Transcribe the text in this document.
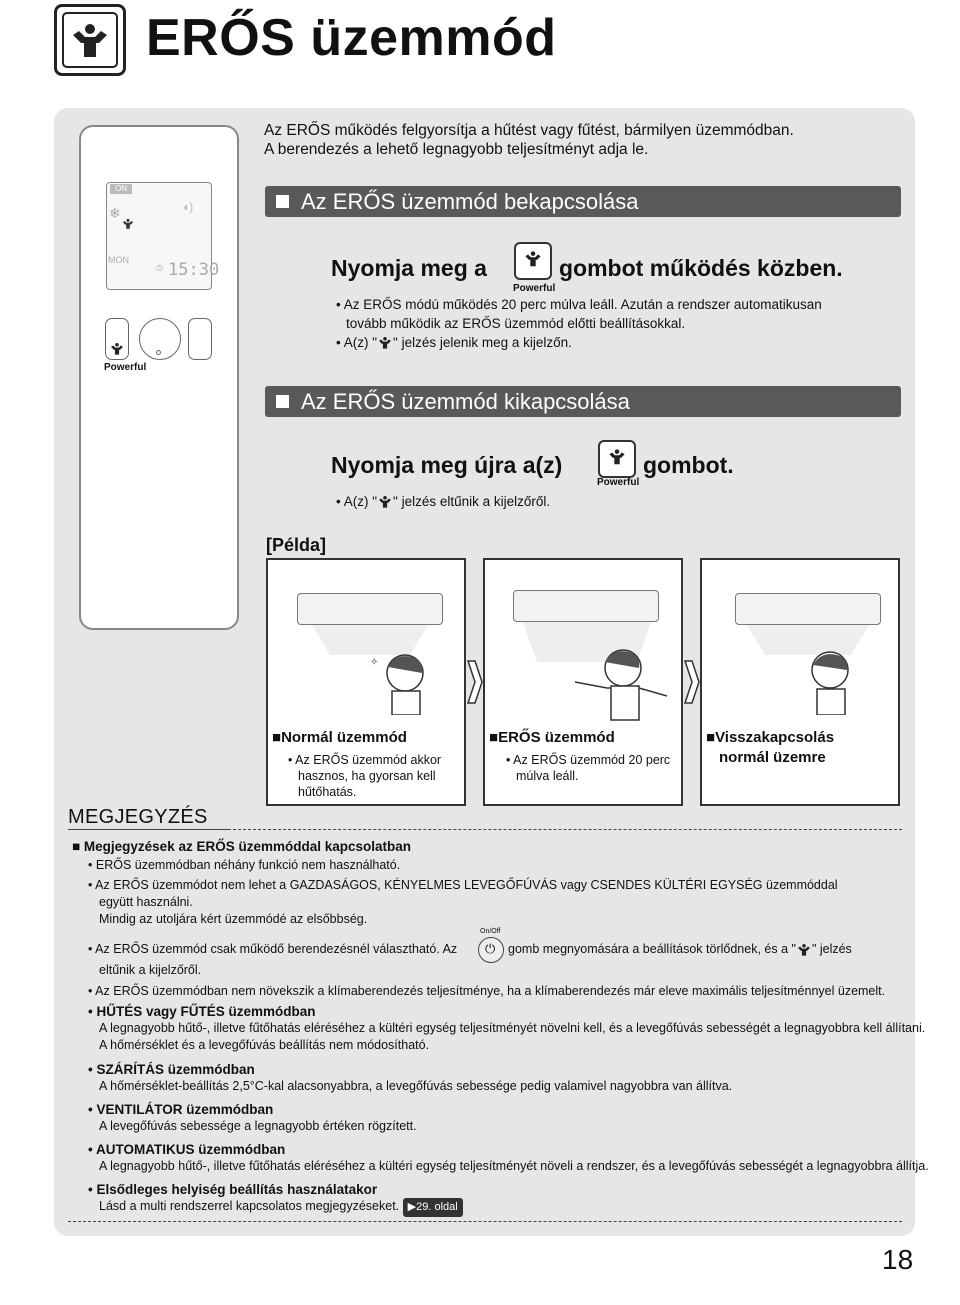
ERŐS üzemmód
ON
❄	◖)
MON
◷ 15:30
Powerful
Az ERŐS működés felgyorsítja a hűtést vagy fűtést, bármilyen üzemmódban.
A berendezés a lehető legnagyobb teljesítményt adja le.
Az ERŐS üzemmód bekapcsolása
Nyomja meg a
Powerful
gombot működés közben.
• Az ERŐS módú működés 20 perc múlva leáll. Azután a rendszer automatikusan
tovább működik az ERŐS üzemmód előtti beállításokkal.
• A(z) " " jelzés jelenik meg a kijelzőn.
Az ERŐS üzemmód kikapcsolása
Nyomja meg újra a(z)
Powerful
gombot.
• A(z) " " jelzés eltűnik a kijelzőről.
[Példa]
✧
■Normál üzemmód
• Az ERŐS üzemmód akkor
hasznos, ha gyorsan kell
hűtőhatás.
■ERŐS üzemmód
• Az ERŐS üzemmód 20 perc
múlva leáll.
■Visszakapcsolás
normál üzemre
MEGJEGYZÉS
■ Megjegyzések az ERŐS üzemmóddal kapcsolatban
• ERŐS üzemmódban néhány funkció nem használható.
• Az ERŐS üzemmódot nem lehet a GAZDASÁGOS, KÉNYELMES LEVEGŐFÚVÁS vagy CSENDES KÜLTÉRI EGYSÉG üzemmóddal
együtt használni.
Mindig az utoljára kért üzemmódé az elsőbbség.
On/Off
⏻
• Az ERŐS üzemmód csak működő berendezésnél választható. Az	gomb megnyomására a beállítások törlődnek, és a " " jelzés
eltűnik a kijelzőről.
• Az ERŐS üzemmódban nem növekszik a klímaberendezés teljesítménye, ha a klímaberendezés már eleve maximális teljesítménnyel üzemelt.
• HŰTÉS vagy FŰTÉS üzemmódban
A legnagyobb hűtő-, illetve fűtőhatás eléréséhez a kültéri egység teljesítményét növelni kell, és a levegőfúvás sebességét a legnagyobbra kell állítani.
A hőmérséklet és a levegőfúvás beállítás nem módosítható.
• SZÁRÍTÁS üzemmódban
A hőmérséklet-beállítás 2,5°C-kal alacsonyabbra, a levegőfúvás sebessége pedig valamivel nagyobbra van állítva.
• VENTILÁTOR üzemmódban
A levegőfúvás sebessége a legnagyobb értéken rögzített.
• AUTOMATIKUS üzemmódban
A legnagyobb hűtő-, illetve fűtőhatás eléréséhez a kültéri egység teljesítményét növeli a rendszer, és a levegőfúvás sebességét a legnagyobbra állítja.
• Elsődleges helyiség beállítás használatakor
Lásd a multi rendszerrel kapcsolatos megjegyzéseket. ▶29. oldal
18
